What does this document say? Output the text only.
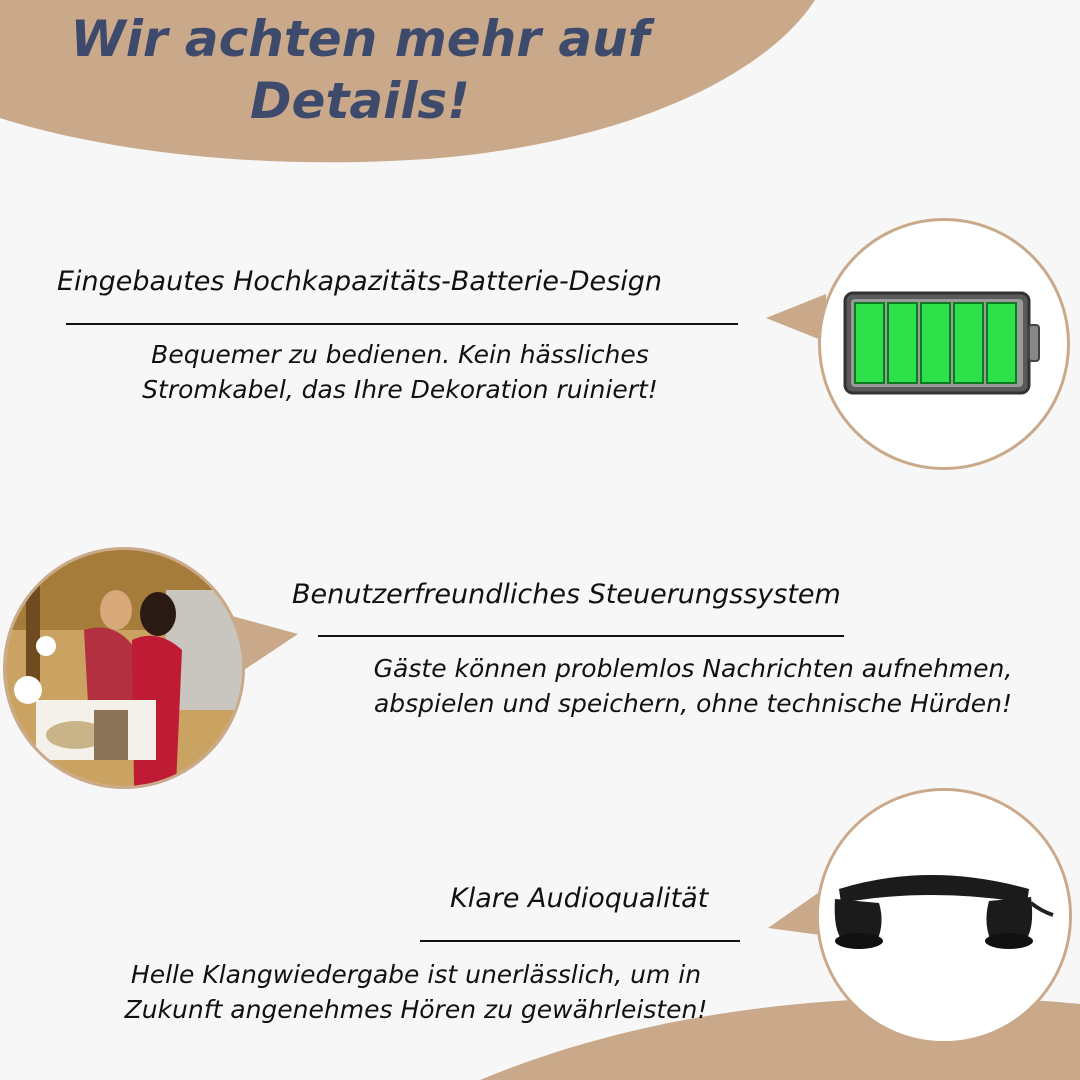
Wir achten mehr auf
Details!
Eingebautes Hochkapazitäts-Batterie-Design
Bequemer zu bedienen. Kein hässliches
Stromkabel, das Ihre Dekoration ruiniert!
Benutzerfreundliches Steuerungssystem
Gäste können problemlos Nachrichten aufnehmen,
abspielen und speichern, ohne technische Hürden!
Klare Audioqualität
Helle Klangwiedergabe ist unerlässlich, um in
Zukunft angenehmes Hören zu gewährleisten!
